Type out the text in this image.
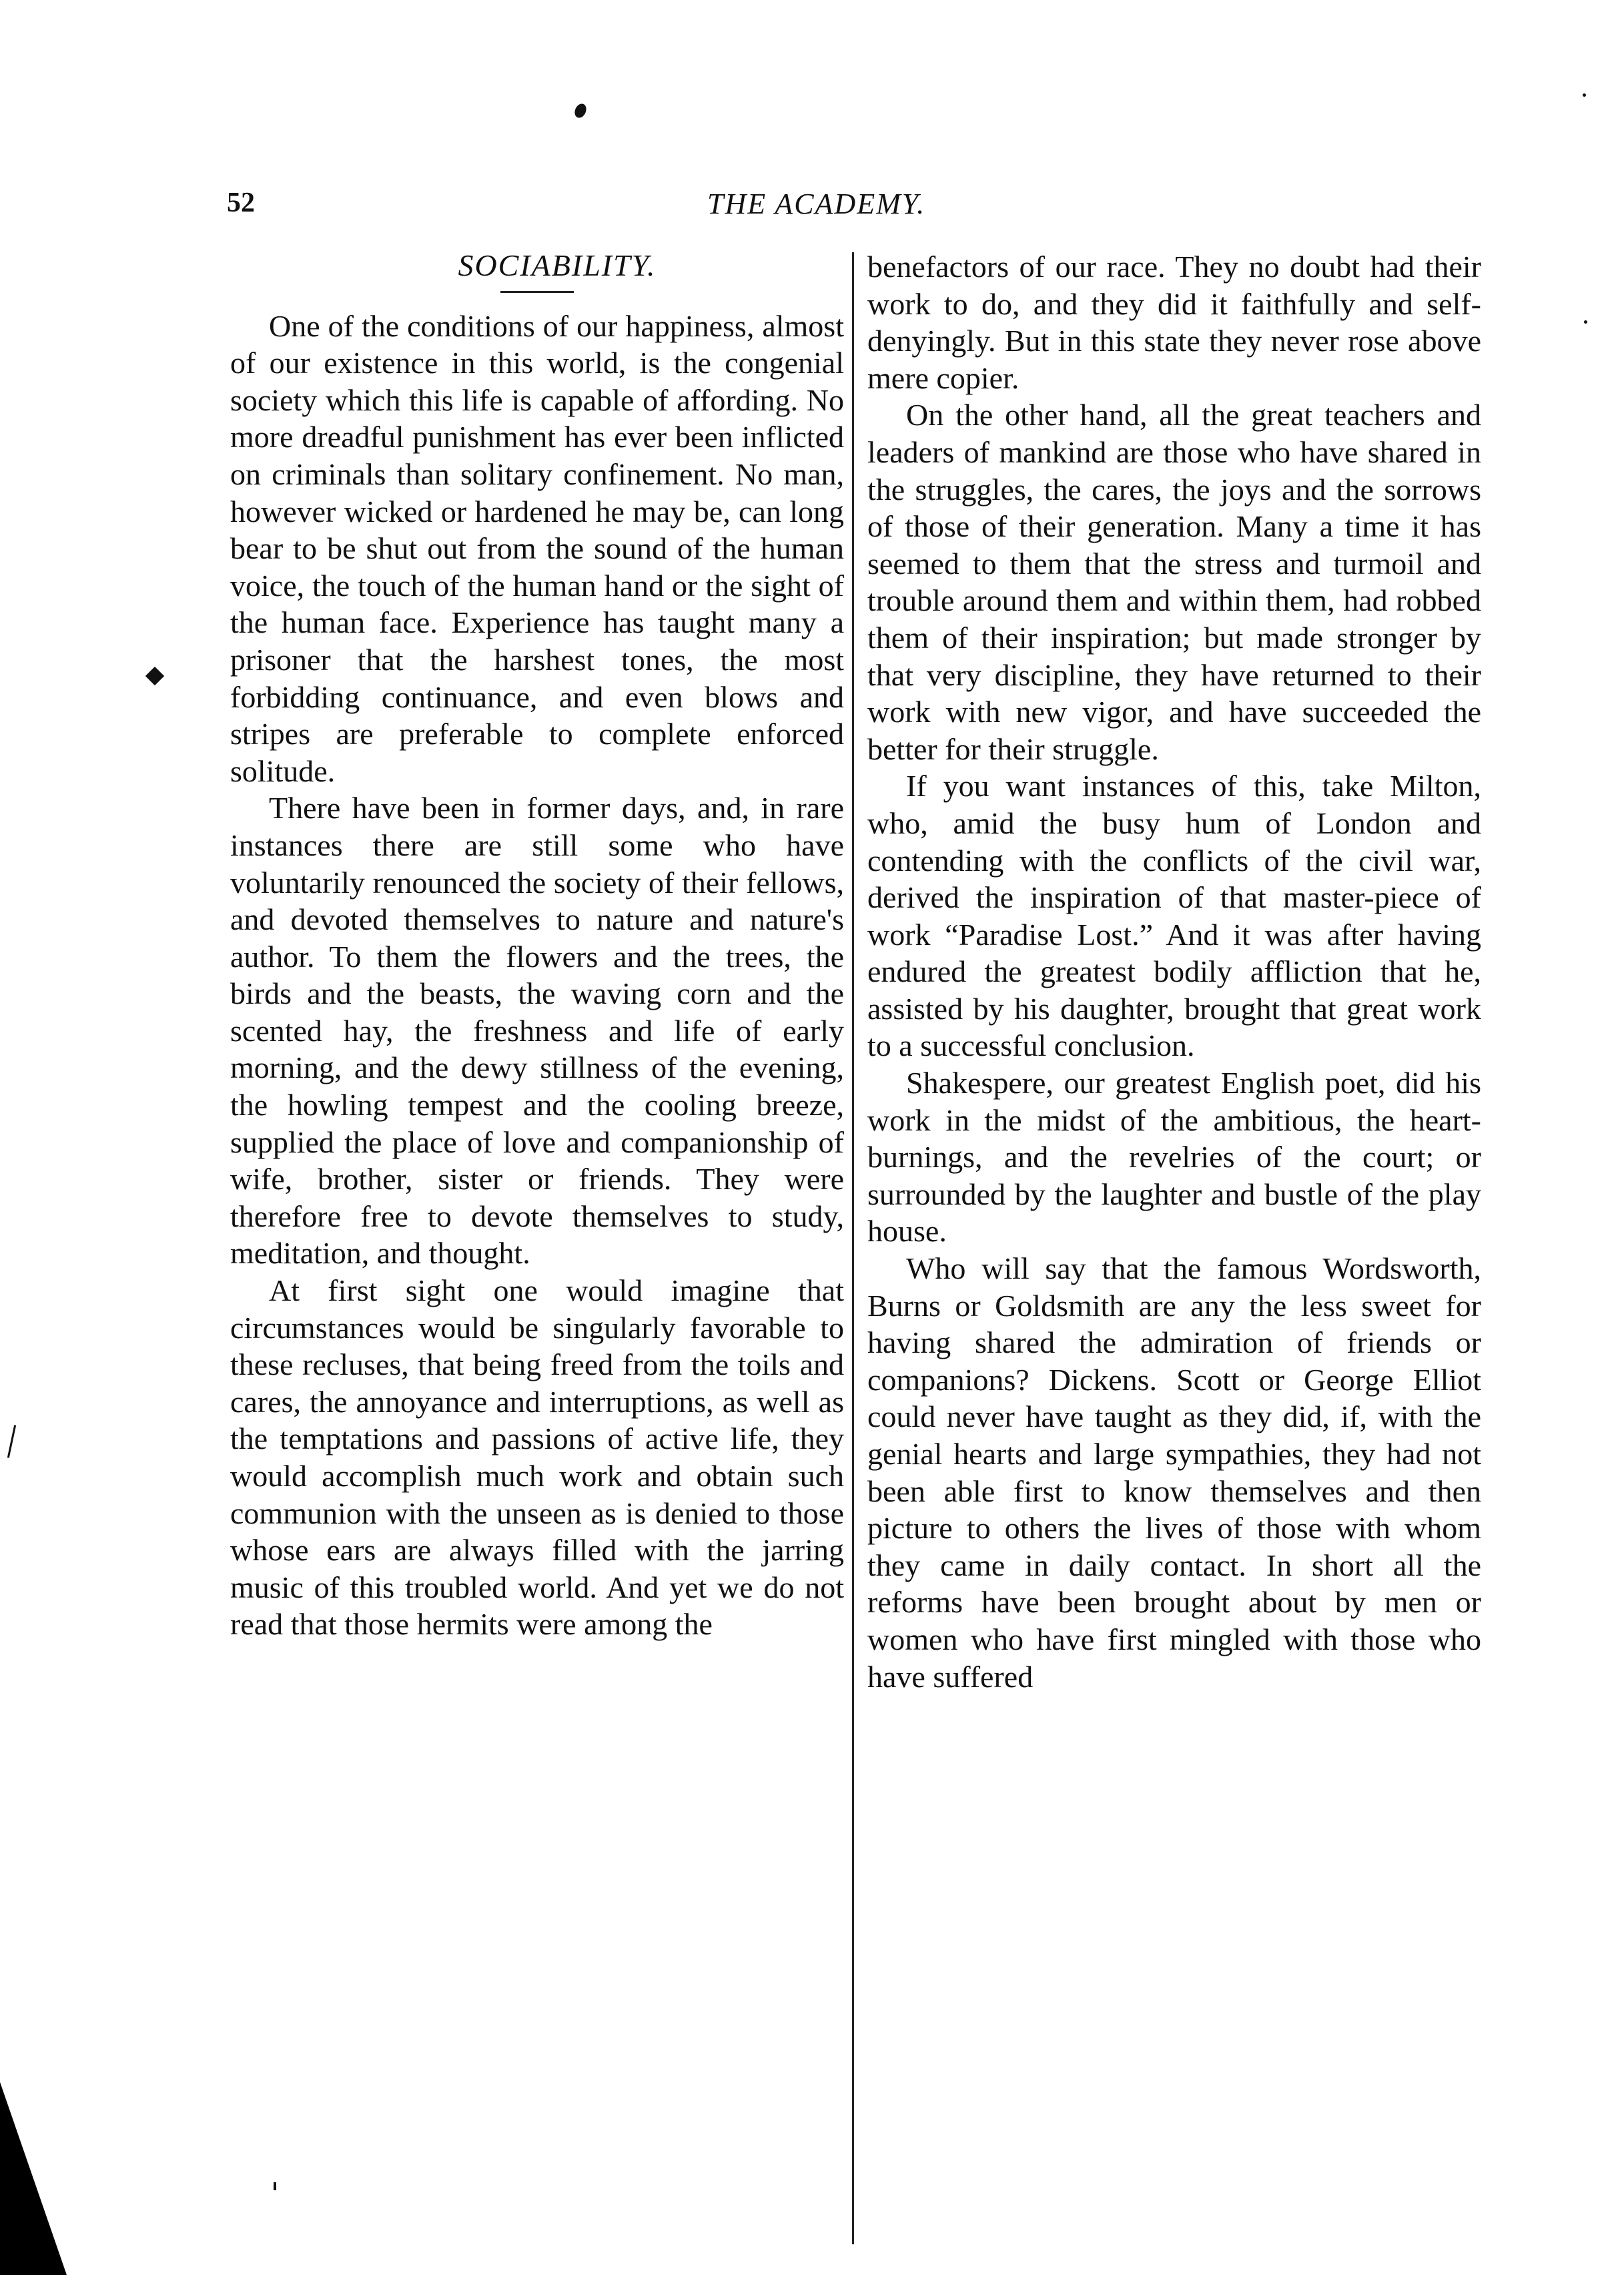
52	THE ACADEMY.
SOCIABILITY.

One of the conditions of our happiness, almost of our existence in this world, is the congenial society which this life is capable of affording. No more dreadful punishment has ever been inflicted on criminals than solitary confinement. No man, however wicked or hardened he may be, can long bear to be shut out from the sound of the human voice, the touch of the human hand or the sight of the human face. Experience has taught many a prisoner that the harshest tones, the most forbidding continuance, and even blows and stripes are preferable to complete enforced solitude.

There have been in former days, and, in rare instances there are still some who have voluntarily renounced the society of their fellows, and devoted themselves to nature and nature's author. To them the flowers and the trees, the birds and the beasts, the waving corn and the scented hay, the freshness and life of early morning, and the dewy stillness of the evening, the howling tempest and the cooling breeze, supplied the place of love and companionship of wife, brother, sister or friends. They were therefore free to devote themselves to study, meditation, and thought.

At first sight one would imagine that circumstances would be singularly favorable to these recluses, that being freed from the toils and cares, the annoyance and interruptions, as well as the temptations and passions of active life, they would accomplish much work and obtain such communion with the unseen as is denied to those whose ears are always filled with the jarring music of this troubled world. And yet we do not read that those hermits were among the

benefactors of our race. They no doubt had their work to do, and they did it faithfully and self-denyingly. But in this state they never rose above mere copier.

On the other hand, all the great teachers and leaders of mankind are those who have shared in the struggles, the cares, the joys and the sorrows of those of their generation. Many a time it has seemed to them that the stress and turmoil and trouble around them and within them, had robbed them of their inspiration; but made stronger by that very discipline, they have returned to their work with new vigor, and have succeeded the better for their struggle.

If you want instances of this, take Milton, who, amid the busy hum of London and contending with the conflicts of the civil war, derived the inspiration of that master-piece of work “Paradise Lost.” And it was after having endured the greatest bodily affliction that he, assisted by his daughter, brought that great work to a successful conclusion.

Shakespere, our greatest English poet, did his work in the midst of the ambitious, the heart-burnings, and the revelries of the court; or surrounded by the laughter and bustle of the play house.

Who will say that the famous Wordsworth, Burns or Goldsmith are any the less sweet for having shared the admiration of friends or companions? Dickens. Scott or George Elliot could never have taught as they did, if, with the genial hearts and large sympathies, they had not been able first to know themselves and then picture to others the lives of those with whom they came in daily contact. In short all the reforms have been brought about by men or women who have first mingled with those who have suffered
